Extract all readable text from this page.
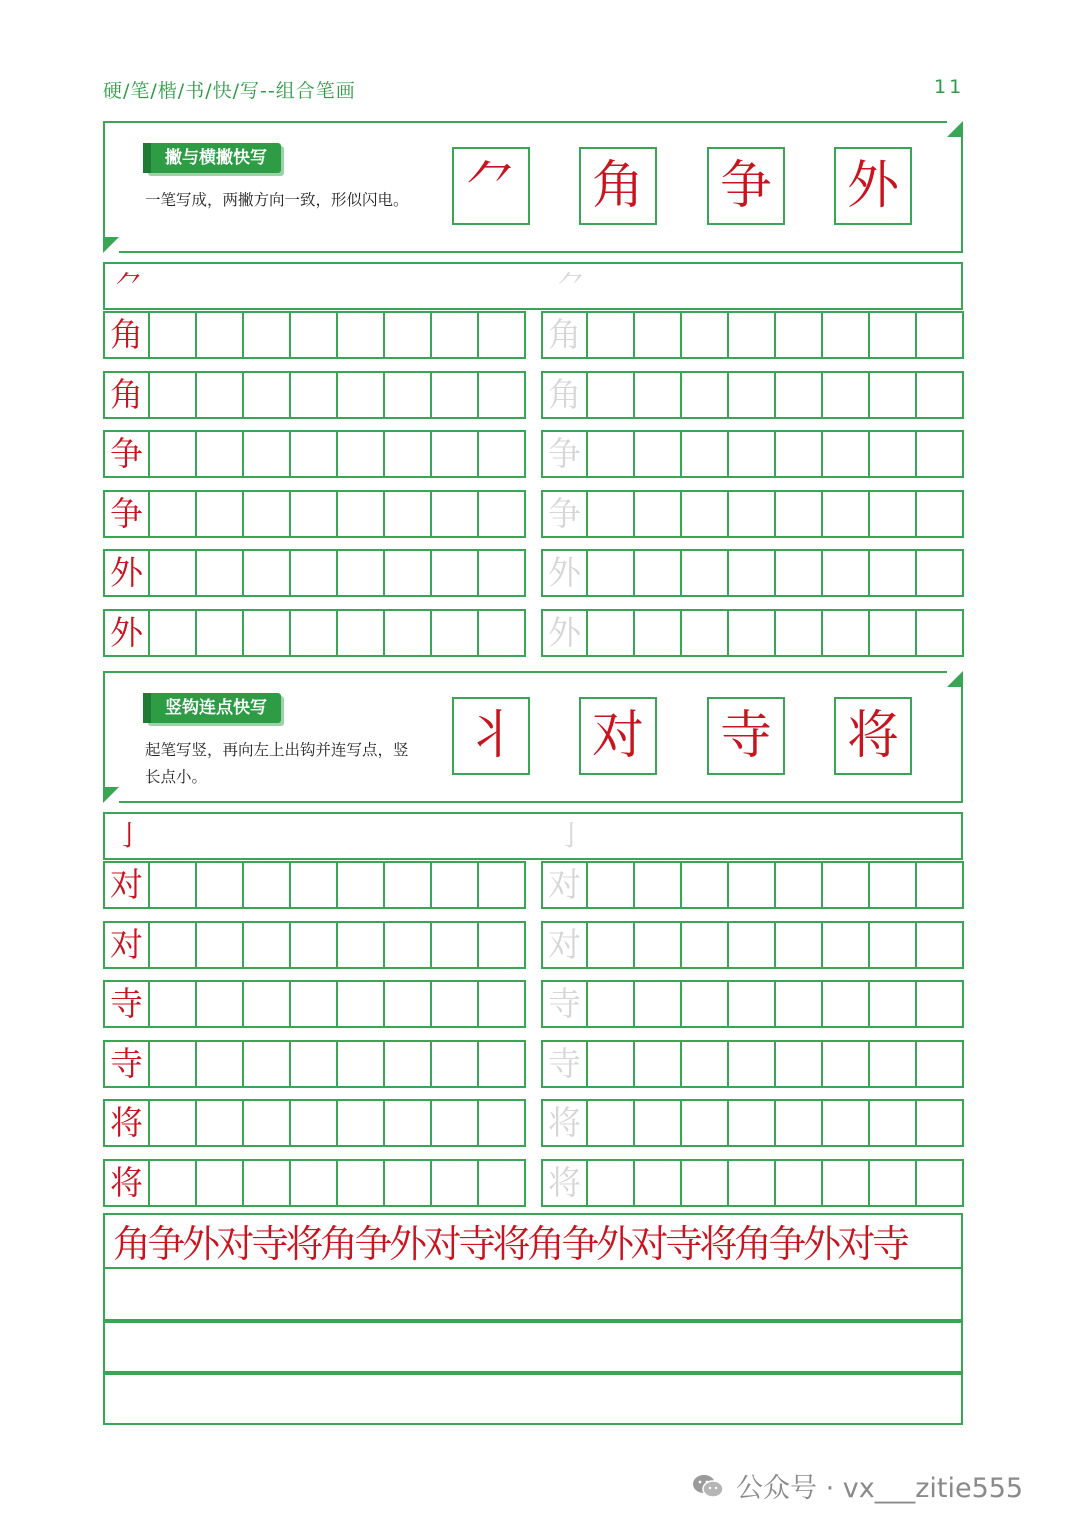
硬/笔/楷/书/快/写--组合笔画	11
撇与横撇快写
一笔写成，两撇方向一致，形似闪电。 ⺈ 角 争 外
⺈	⺈
角	角
角	角
争	争
争	争
外	外
外	外
竖钩连点快写
起笔写竖，再向左上出钩并连写点，竖长点小。
丬 对 寺 将
亅	亅
对	对
对	对
寺	寺
寺	寺
将	将
将	将
角争外对寺将角争外对寺将角争外对寺将角争外对寺
公众号 · vx___zitie555
